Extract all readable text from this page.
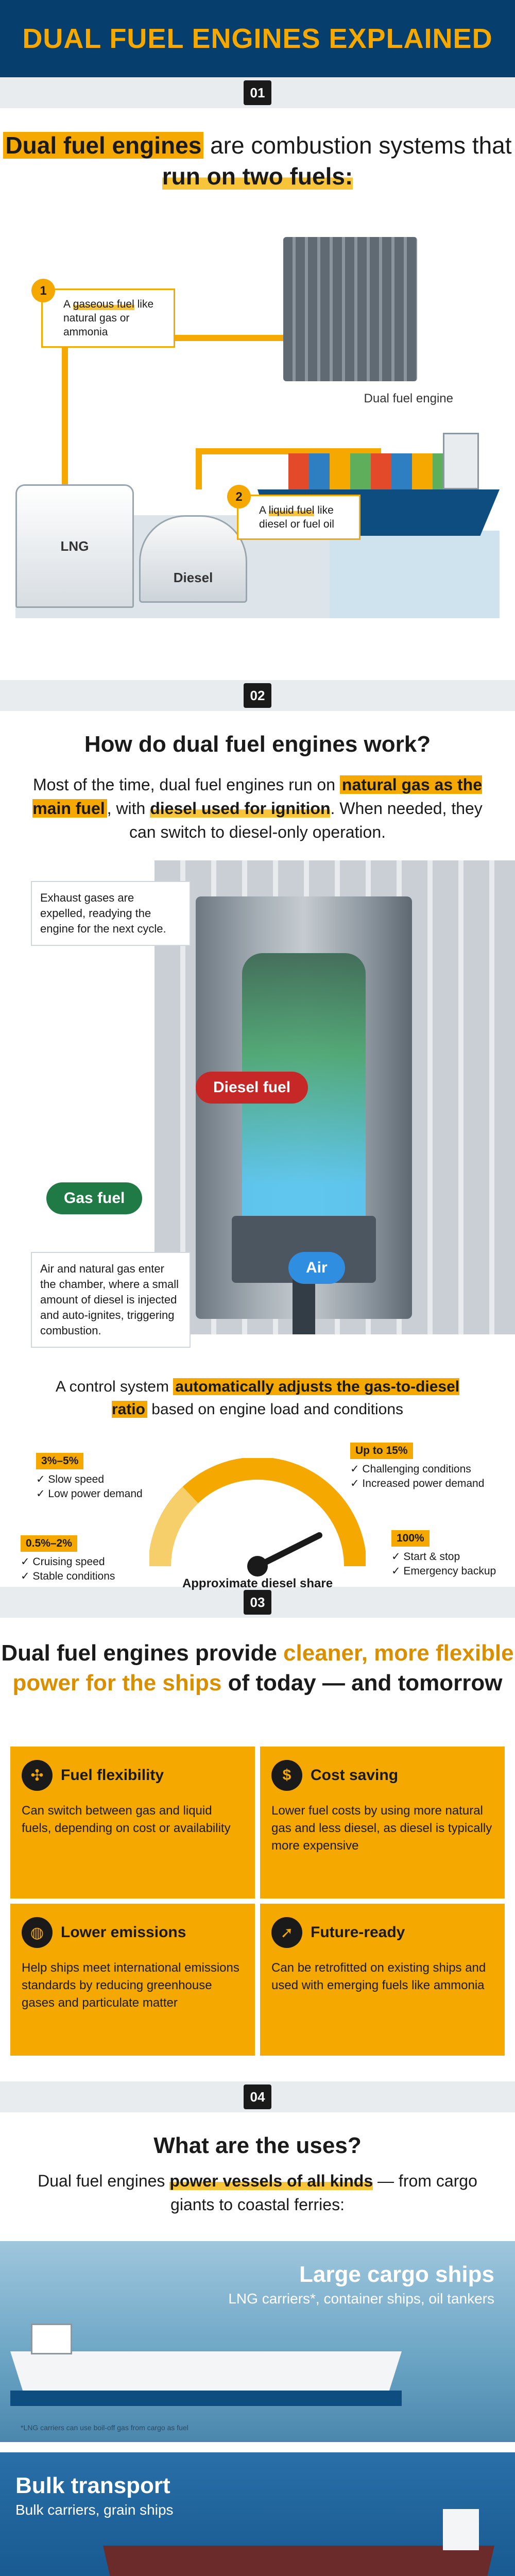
DUAL FUEL ENGINES EXPLAINED
01
Dual fuel engines are combustion systems that run on two fuels:
LNG
Diesel
Dual fuel engine
1
A gaseous fuel like natural gas or ammonia
2
A liquid fuel like diesel or fuel oil
02
How do dual fuel engines work?
Most of the time, dual fuel engines run on natural gas as the main fuel , with diesel used for ignition. When needed, they can switch to diesel-only operation.
Exhaust gases are expelled, readying the engine for the next cycle.
Air and natural gas enter the chamber, where a small amount of diesel is injected and auto-ignites, triggering combustion.
Diesel fuel
Gas fuel
Air
A control system automatically adjusts the gas-to-diesel ratio based on engine load and conditions
Approximate diesel share
0.5%–2%
✓ Cruising speed
✓ Stable conditions
3%–5%
✓ Slow speed
✓ Low power demand
Up to 15%
✓ Challenging conditions
✓ Increased power demand
100%
✓ Start & stop
✓ Emergency backup
03
Dual fuel engines provide cleaner, more flexible power for the ships of today — and tomorrow
✣	Fuel flexibility

Can switch between gas and liquid fuels, depending on cost or availability

$	Cost saving

Lower fuel costs by using more natural gas and less diesel, as diesel is typically more expensive

◍	Lower emissions

Help ships meet international emissions standards by reducing greenhouse gases and particulate matter

➚	Future-ready

Can be retrofitted on existing ships and used with emerging fuels like ammonia

04
What are the uses?
Dual fuel engines power vessels of all kinds — from cargo giants to coastal ferries:
Large cargo ships

LNG carriers*, container ships, oil tankers

*LNG carriers can use boil-off gas from cargo as fuel
Bulk transport

Bulk carriers, grain ships
